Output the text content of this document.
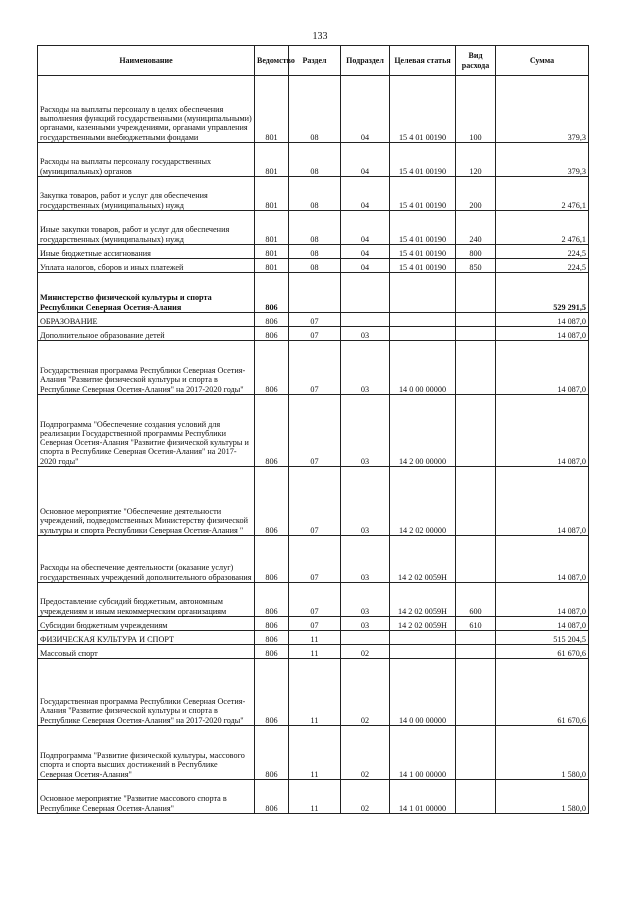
133
Наименование	Ведомство	Раздел	Подраздел	Целевая статья	Вид расхода	Сумма
Расходы на выплаты персоналу в целях обеспечения выполнения функций государственными (муниципальными) органами, казенными учреждениями, органами управления государственными внебюджетными фондами	801	08	04	15 4 01 00190	100	379,3
Расходы на выплаты персоналу государственных (муниципальных) органов	801	08	04	15 4 01 00190	120	379,3
Закупка товаров, работ и услуг для обеспечения государственных (муниципальных) нужд	801	08	04	15 4 01 00190	200	2 476,1
Иные закупки товаров, работ и услуг для обеспечения государственных (муниципальных) нужд	801	08	04	15 4 01 00190	240	2 476,1
Иные бюджетные ассигнования	801	08	04	15 4 01 00190	800	224,5
Уплата налогов, сборов и иных платежей	801	08	04	15 4 01 00190	850	224,5
Министерство физической культуры и спорта Республики Северная Осетия-Алания	806					529 291,5
ОБРАЗОВАНИЕ	806	07				14 087,0
Дополнительное образование детей	806	07	03			14 087,0
Государственная программа Республики Северная Осетия-Алания "Развитие физической культуры и спорта в Республике Северная Осетия-Алания" на 2017-2020 годы"	806	07	03	14 0 00 00000		14 087,0
Подпрограмма "Обеспечение создания условий для реализации Государственной программы Республики Северная Осетия-Алания "Развитие физической культуры и спорта в Республике Северная Осетия-Алания" на 2017-2020 годы"	806	07	03	14 2 00 00000		14 087,0
Основное мероприятие "Обеспечение деятельности учреждений, подведомственных Министерству физической культуры и спорта Республики Северная Осетия-Алания "	806	07	03	14 2 02 00000		14 087,0
Расходы на обеспечение деятельности (оказание услуг) государственных учреждений дополнительного образования	806	07	03	14 2 02 0059Н		14 087,0
Предоставление субсидий бюджетным, автономным учреждениям и иным некоммерческим организациям	806	07	03	14 2 02 0059Н	600	14 087,0
Субсидии бюджетным учреждениям	806	07	03	14 2 02 0059Н	610	14 087,0
ФИЗИЧЕСКАЯ КУЛЬТУРА И СПОРТ	806	11				515 204,5
Массовый спорт	806	11	02			61 670,6
Государственная программа Республики Северная Осетия-Алания "Развитие физической культуры и спорта в Республике Северная Осетия-Алания" на 2017-2020 годы"	806	11	02	14 0 00 00000		61 670,6
Подпрограмма "Развитие физической культуры, массового спорта и спорта высших достижений в Республике Северная Осетия-Алания"	806	11	02	14 1 00 00000		1 580,0
Основное мероприятие "Развитие массового спорта в Республике Северная Осетия-Алания"	806	11	02	14 1 01 00000		1 580,0
